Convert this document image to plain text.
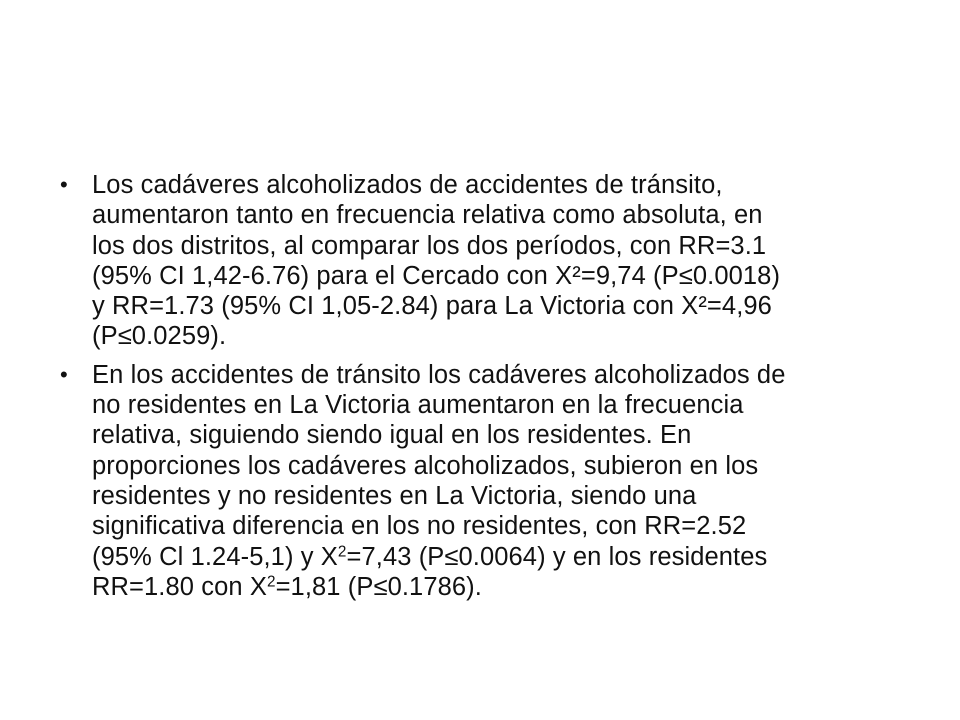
• Los cadáveres alcoholizados de accidentes de tránsito,
aumentaron tanto en frecuencia relativa como absoluta, en
los dos distritos, al comparar los dos períodos, con RR=3.1
(95% CI 1,42-6.76) para el Cercado con X²=9,74 (P≤0.0018)
y RR=1.73 (95% CI 1,05-2.84) para La Victoria con X²=4,96
(P≤0.0259).
• En los accidentes de tránsito los cadáveres alcoholizados de
no residentes en La Victoria aumentaron en la frecuencia
relativa, siguiendo siendo igual en los residentes. En
proporciones los cadáveres alcoholizados, subieron en los
residentes y no residentes en La Victoria, siendo una
significativa diferencia en los no residentes, con RR=2.52
(95% Cl 1.24-5,1) y $X^2=7,43$ (P≤0.0064) y en los residentes
RR=1.80 con $X^2=1,81$ (P≤0.1786).
